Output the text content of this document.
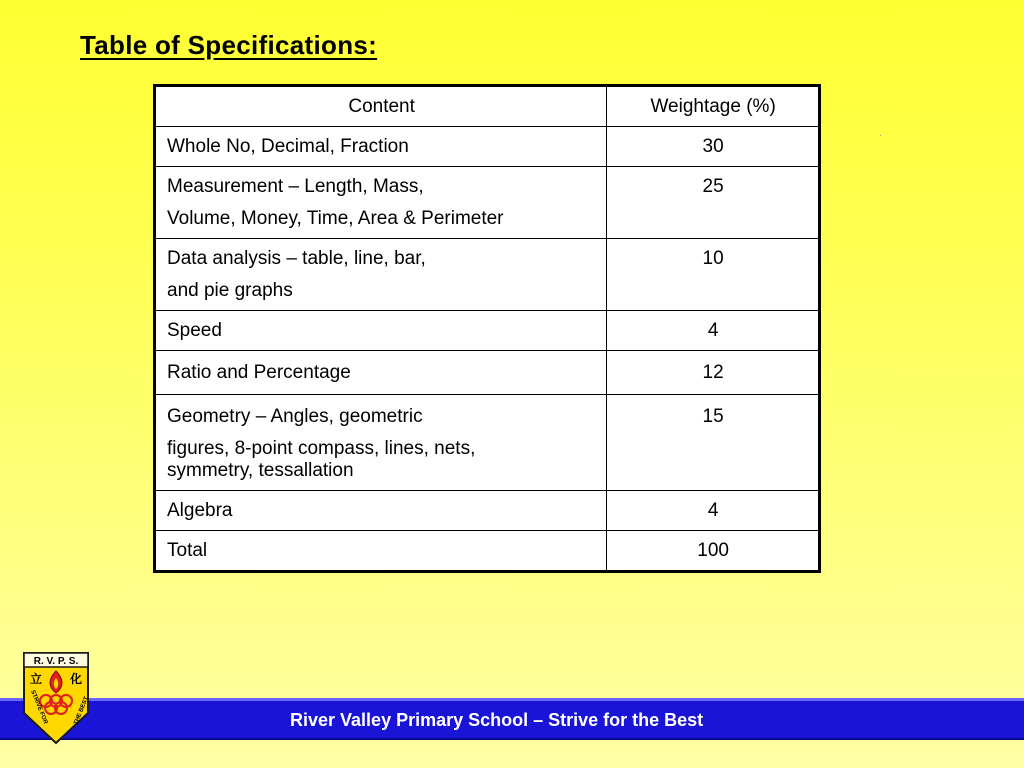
Table of Specifications:
Content	Weightage (%)

Whole No, Decimal, Fraction	30

Measurement – Length, Mass,
Volume, Money, Time, Area & Perimeter	25

Data analysis – table, line, bar,
and pie graphs	10

Speed	4

Ratio and Percentage	12

Geometry – Angles, geometric
figures, 8-point compass, lines, nets,
symmetry, tessallation	15

Algebra	4

Total	100
River Valley Primary School – Strive for the Best
R. V. P. S.
立 化
STRIVE FOR	THE BEST
